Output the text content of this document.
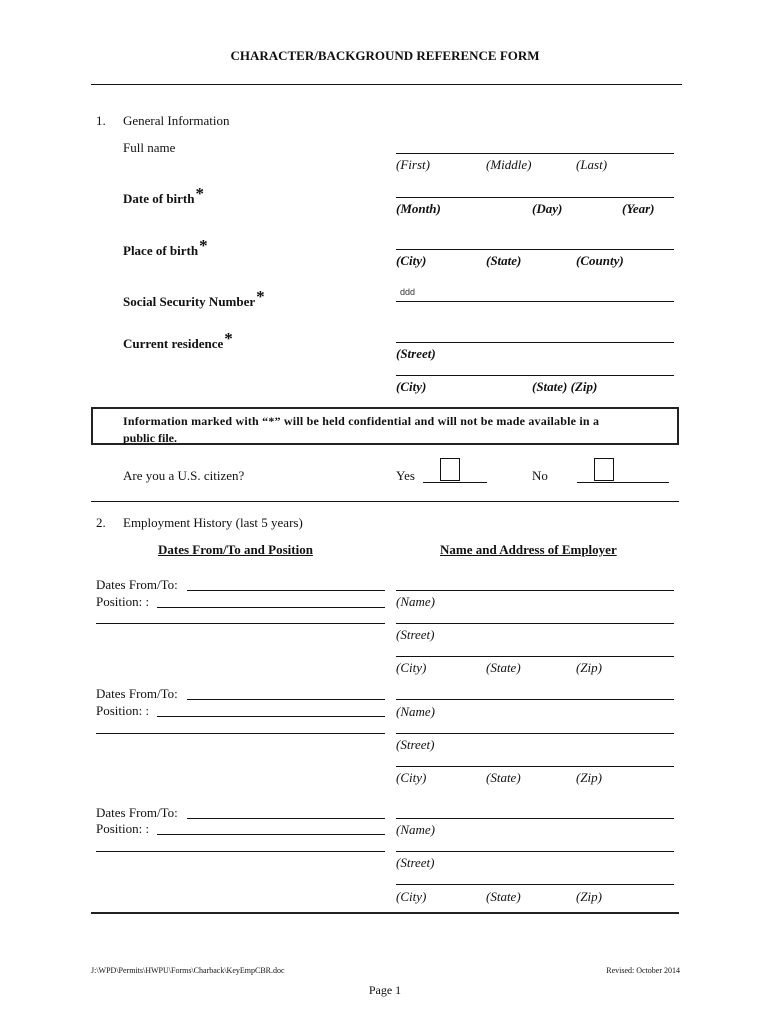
CHARACTER/BACKGROUND REFERENCE FORM
1. General Information
Full name
(First)	(Middle)	(Last)
Date of birth*
(Month)	(Day)	(Year)
Place of birth*
(City)	(State)	(County)
Social Security Number*	ddd
Current residence*
(Street)
(City)	(State) (Zip)
Information marked with “*” will be held confidential and will not be made available in a
public file.
Are you a U.S. citizen?	Yes	No
2. Employment History (last 5 years)
Dates From/To and Position	Name and Address of Employer
Dates From/To:
Position: :	(Name)
(Street)
(City)	(State)	(Zip)
Dates From/To:
Position: :	(Name)
(Street)
(City)	(State)	(Zip)
Dates From/To:
Position: :	(Name)
(Street)
(City)	(State)	(Zip)
J:\WPD\Permits\HWPU\Forms\Charback\KeyEmpCBR.doc	Revised: October 2014
Page 1
